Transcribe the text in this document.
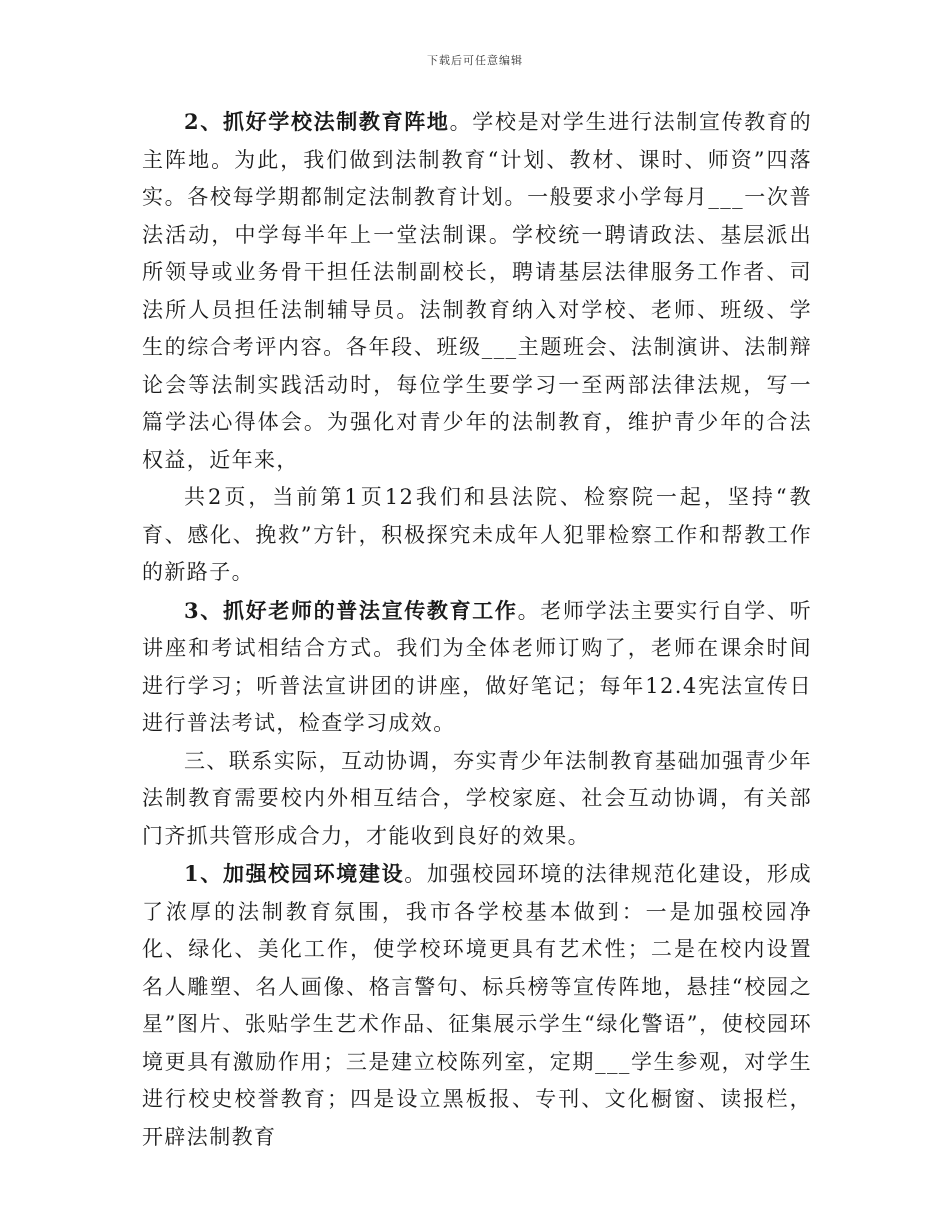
下载后可任意编辑

2、抓好学校法制教育阵地。学校是对学生进行法制宣传教育的主阵地。为此，我们做到法制教育“计划、教材、课时、师资”四落实。各校每学期都制定法制教育计划。一般要求小学每月___一次普法活动，中学每半年上一堂法制课。学校统一聘请政法、基层派出所领导或业务骨干担任法制副校长，聘请基层法律服务工作者、司法所人员担任法制辅导员。法制教育纳入对学校、老师、班级、学生的综合考评内容。各年段、班级___主题班会、法制演讲、法制辩论会等法制实践活动时，每位学生要学习一至两部法律法规，写一篇学法心得体会。为强化对青少年的法制教育，维护青少年的合法权益，近年来，

共2页，当前第1页12我们和县法院、检察院一起，坚持“教育、感化、挽救”方针，积极探究未成年人犯罪检察工作和帮教工作的新路子。

3、抓好老师的普法宣传教育工作。老师学法主要实行自学、听讲座和考试相结合方式。我们为全体老师订购了，老师在课余时间进行学习；听普法宣讲团的讲座，做好笔记；每年12.4宪法宣传日进行普法考试，检查学习成效。

三、联系实际，互动协调，夯实青少年法制教育基础加强青少年法制教育需要校内外相互结合，学校家庭、社会互动协调，有关部门齐抓共管形成合力，才能收到良好的效果。

1、加强校园环境建设。加强校园环境的法律规范化建设，形成了浓厚的法制教育氛围，我市各学校基本做到：一是加强校园净化、绿化、美化工作，使学校环境更具有艺术性；二是在校内设置名人雕塑、名人画像、格言警句、标兵榜等宣传阵地，悬挂“校园之星”图片、张贴学生艺术作品、征集展示学生“绿化警语”，使校园环境更具有激励作用；三是建立校陈列室，定期___学生参观，对学生进行校史校誉教育；四是设立黑板报、专刊、文化橱窗、读报栏，开辟法制教育
